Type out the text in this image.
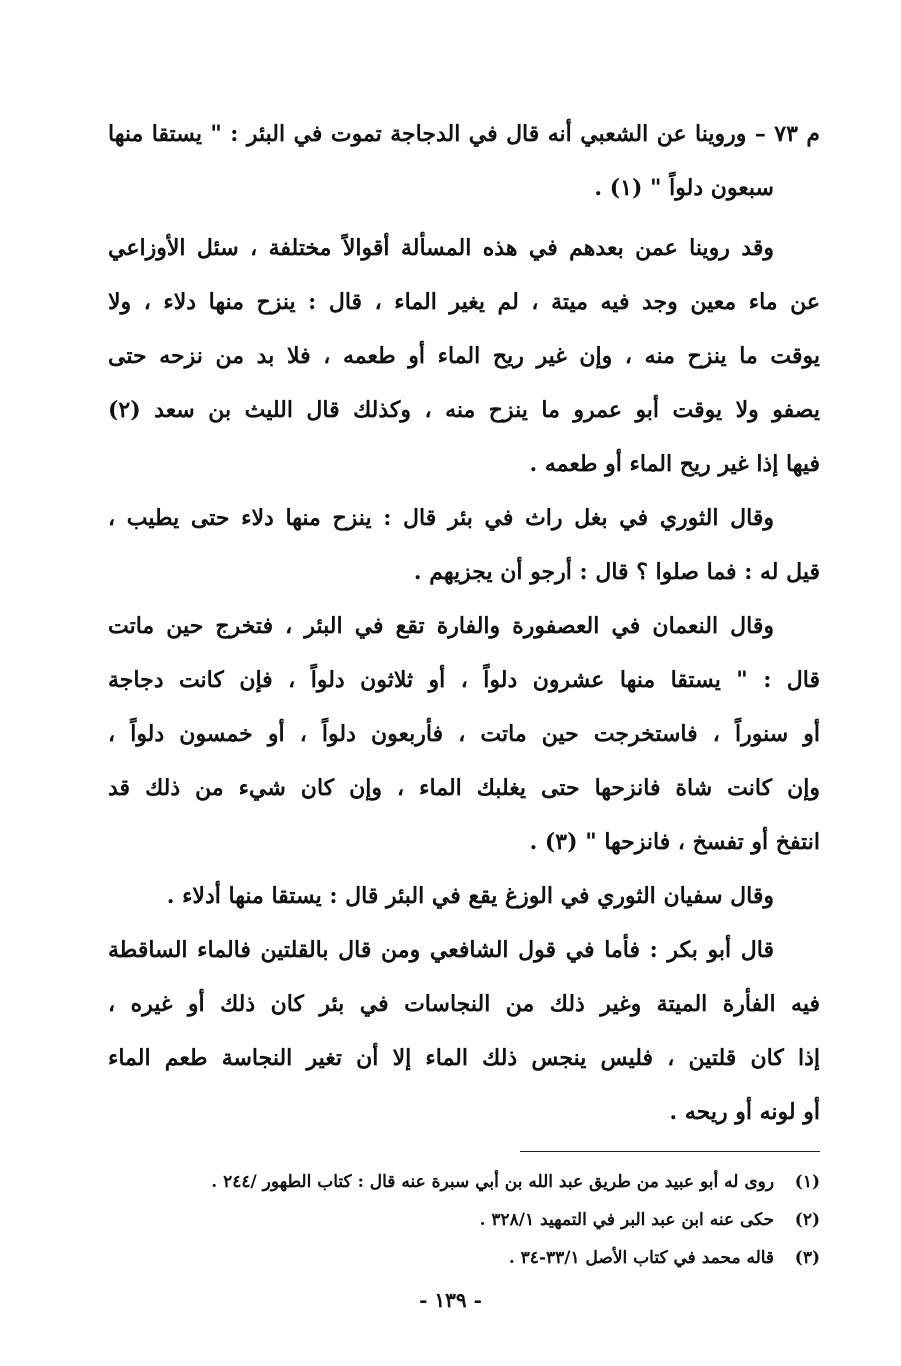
م ٧٣ – وروينا عن الشعبي أنه قال في الدجاجة تموت في البئر : " يستقا منها
سبعون دلواً " (١) .
وقد روينا عمن بعدهم في هذه المسألة أقوالاً مختلفة ، سئل الأوزاعي
عن ماء معين وجد فيه ميتة ، لم يغير الماء ، قال : ينزح منها دلاء ، ولا
يوقت ما ينزح منه ، وإن غير ريح الماء أو طعمه ، فلا بد من نزحه حتى
يصفو ولا يوقت أبو عمرو ما ينزح منه ، وكذلك قال الليث بن سعد (٢)
فيها إذا غير ريح الماء أو طعمه .
وقال الثوري في بغل راث في بئر قال : ينزح منها دلاء حتى يطيب ،
قيل له : فما صلوا ؟ قال : أرجو أن يجزيهم .
وقال النعمان في العصفورة والفارة تقع في البئر ، فتخرج حين ماتت
قال : " يستقا منها عشرون دلواً ، أو ثلاثون دلواً ، فإن كانت دجاجة
أو سنوراً ، فاستخرجت حين ماتت ، فأربعون دلواً ، أو خمسون دلواً ،
وإن كانت شاة فانزحها حتى يغلبك الماء ، وإن كان شيء من ذلك قد
انتفخ أو تفسخ ، فانزحها " (٣) .
وقال سفيان الثوري في الوزغ يقع في البئر قال : يستقا منها أدلاء .
قال أبو بكر : فأما في قول الشافعي ومن قال بالقلتين فالماء الساقطة
فيه الفأرة الميتة وغير ذلك من النجاسات في بئر كان ذلك أو غيره ،
إذا كان قلتين ، فليس ينجس ذلك الماء إلا أن تغير النجاسة طعم الماء
أو لونه أو ريحه .
(١) روى له أبو عبيد من طريق عبد الله بن أبي سبرة عنه قال : كتاب الطهور /٢٤٤ .
(٢) حكى عنه ابن عبد البر في التمهيد ٣٢٨/١ .
(٣) قاله محمد في كتاب الأصل ٣٣/١-٣٤ .
- ١٣٩ -
